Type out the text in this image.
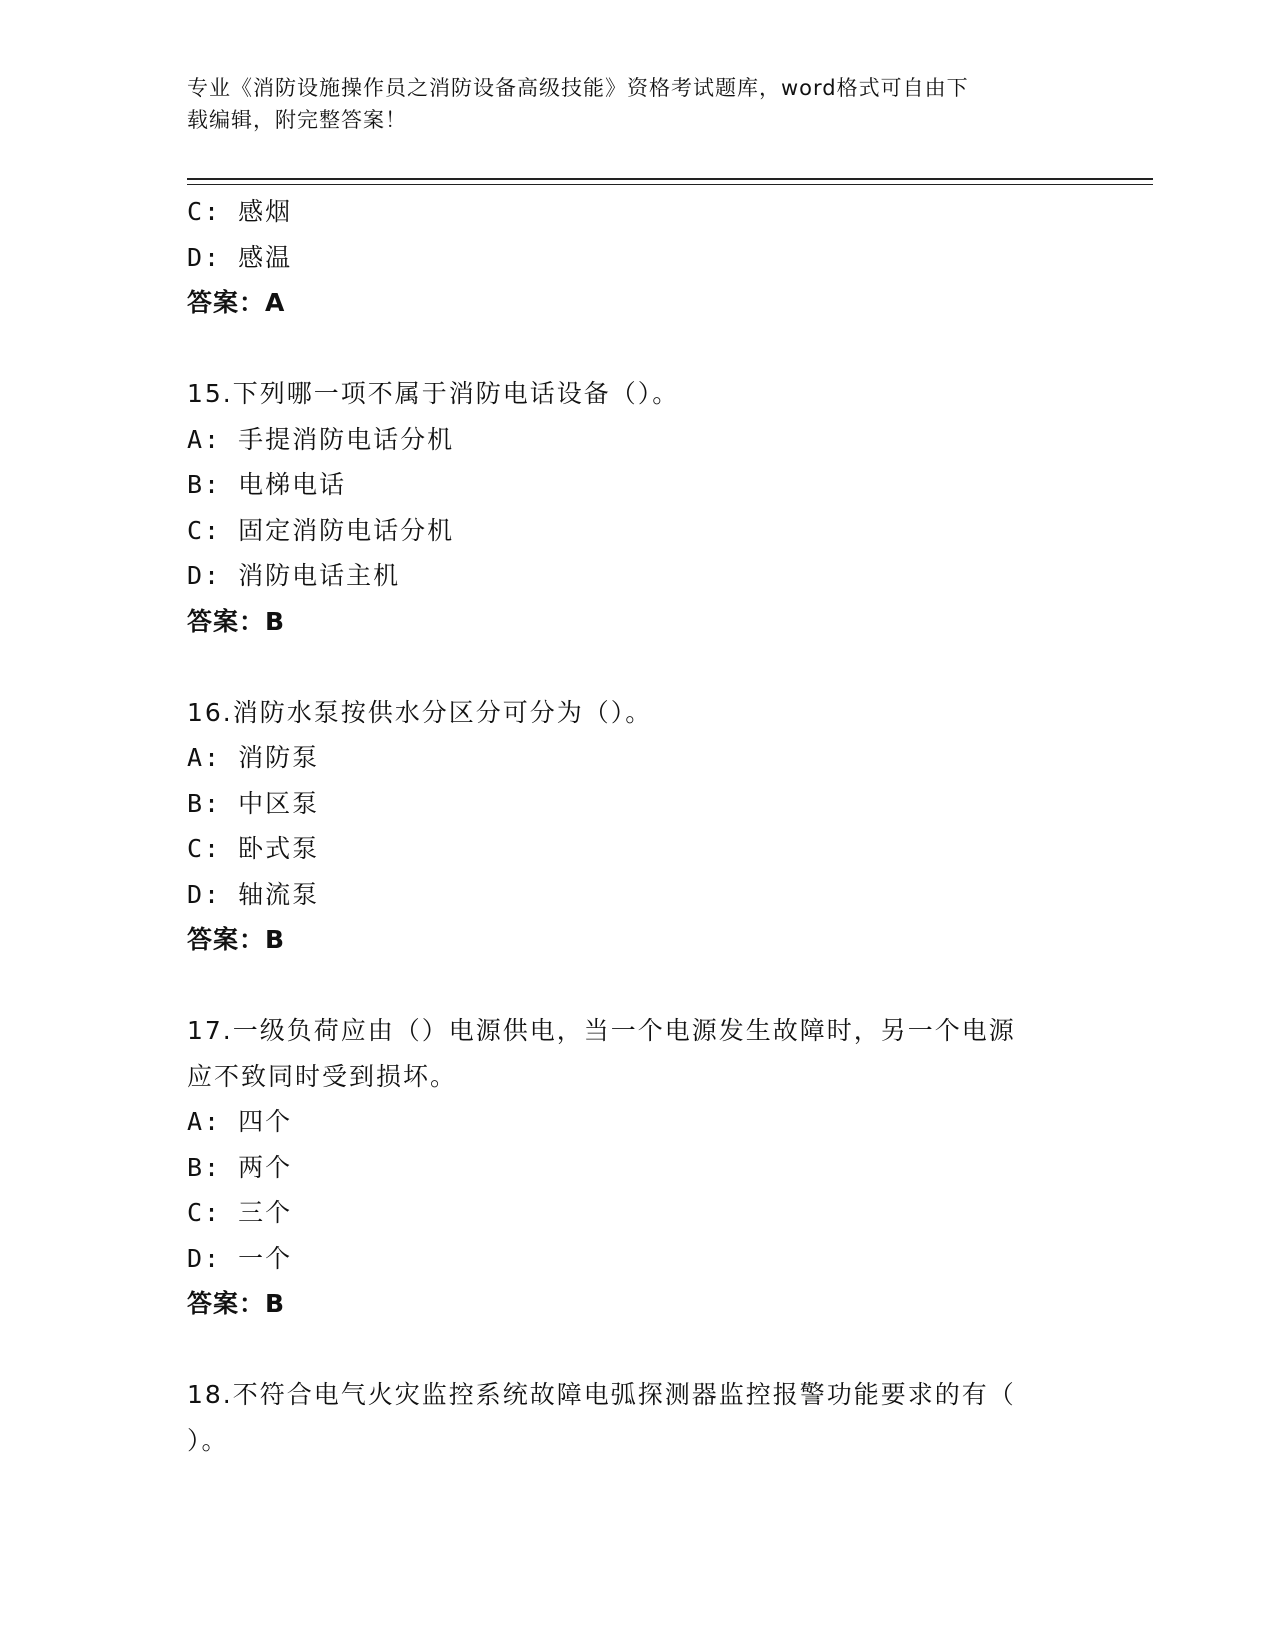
专业《消防设施操作员之消防设备高级技能》资格考试题库，word格式可自由下
载编辑，附完整答案！
C: 感烟
D: 感温
答案：A
15.下列哪一项不属于消防电话设备（）。
A: 手提消防电话分机
B: 电梯电话
C: 固定消防电话分机
D: 消防电话主机
答案：B
16.消防水泵按供水分区分可分为（）。
A: 消防泵
B: 中区泵
C: 卧式泵
D: 轴流泵
答案：B
17.一级负荷应由（）电源供电，当一个电源发生故障时，另一个电源
应不致同时受到损坏。
A: 四个
B: 两个
C: 三个
D: 一个
答案：B
18.不符合电气火灾监控系统故障电弧探测器监控报警功能要求的有（
）。
